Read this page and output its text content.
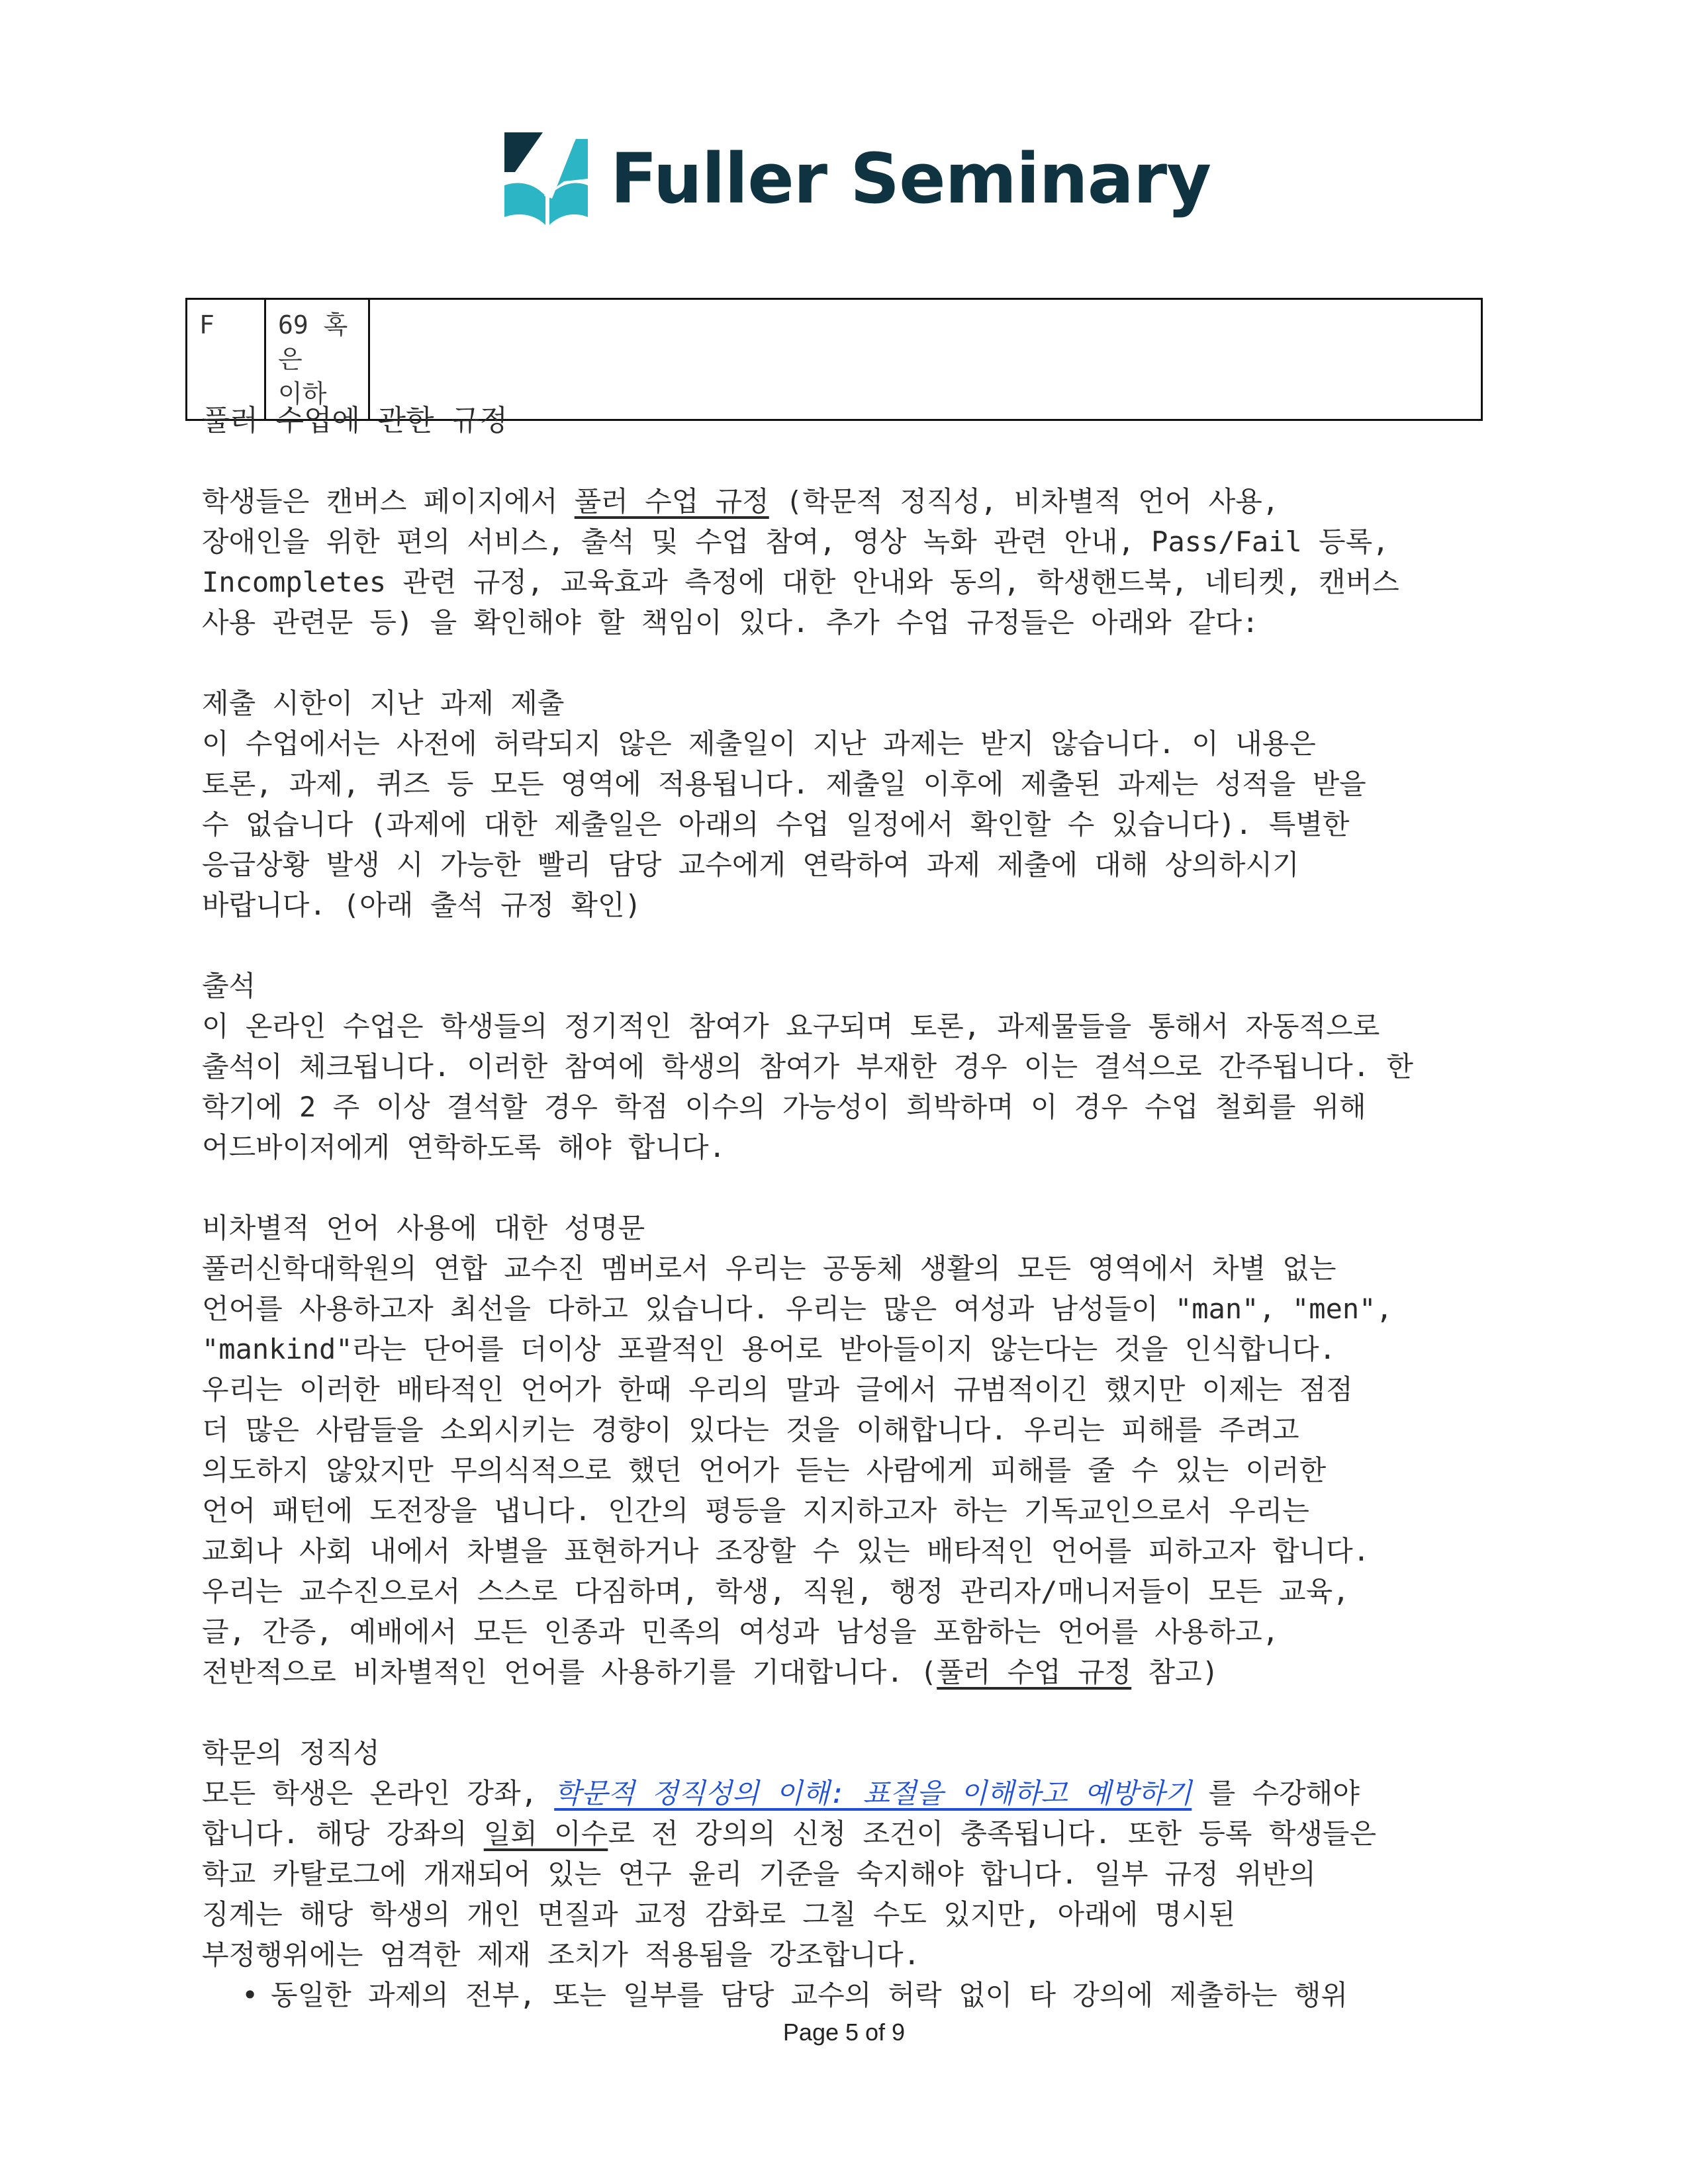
Fuller Seminary
F	69 혹은
이하

풀러 수업에 관한 규정

학생들은 캔버스 페이지에서 풀러 수업 규정 (학문적 정직성, 비차별적 언어 사용,

장애인을 위한 편의 서비스, 출석 및 수업 참여, 영상 녹화 관련 안내, Pass/Fail 등록,

Incompletes 관련 규정, 교육효과 측정에 대한 안내와 동의, 학생핸드북, 네티켓, 캔버스

사용 관련문 등) 을 확인해야 할 책임이 있다. 추가 수업 규정들은 아래와 같다:

제출 시한이 지난 과제 제출

이 수업에서는 사전에 허락되지 않은 제출일이 지난 과제는 받지 않습니다. 이 내용은

토론, 과제, 퀴즈 등 모든 영역에 적용됩니다. 제출일 이후에 제출된 과제는 성적을 받을

수 없습니다 (과제에 대한 제출일은 아래의 수업 일정에서 확인할 수 있습니다). 특별한

응급상황 발생 시 가능한 빨리 담당 교수에게 연락하여 과제 제출에 대해 상의하시기

바랍니다. (아래 출석 규정 확인)

출석

이 온라인 수업은 학생들의 정기적인 참여가 요구되며 토론, 과제물들을 통해서 자동적으로

출석이 체크됩니다. 이러한 참여에 학생의 참여가 부재한 경우 이는 결석으로 간주됩니다. 한

학기에 2 주 이상 결석할 경우 학점 이수의 가능성이 희박하며 이 경우 수업 철회를 위해

어드바이저에게 연학하도록 해야 합니다.

비차별적 언어 사용에 대한 성명문

풀러신학대학원의 연합 교수진 멤버로서 우리는 공동체 생활의 모든 영역에서 차별 없는

언어를 사용하고자 최선을 다하고 있습니다. 우리는 많은 여성과 남성들이 "man", "men",

"mankind"라는 단어를 더이상 포괄적인 용어로 받아들이지 않는다는 것을 인식합니다.

우리는 이러한 배타적인 언어가 한때 우리의 말과 글에서 규범적이긴 했지만 이제는 점점

더 많은 사람들을 소외시키는 경향이 있다는 것을 이해합니다. 우리는 피해를 주려고

의도하지 않았지만 무의식적으로 했던 언어가 듣는 사람에게 피해를 줄 수 있는 이러한

언어 패턴에 도전장을 냅니다. 인간의 평등을 지지하고자 하는 기독교인으로서 우리는

교회나 사회 내에서 차별을 표현하거나 조장할 수 있는 배타적인 언어를 피하고자 합니다.

우리는 교수진으로서 스스로 다짐하며, 학생, 직원, 행정 관리자/매니저들이 모든 교육,

글, 간증, 예배에서 모든 인종과 민족의 여성과 남성을 포함하는 언어를 사용하고,

전반적으로 비차별적인 언어를 사용하기를 기대합니다. (풀러 수업 규정 참고)

학문의 정직성

모든 학생은 온라인 강좌, 학문적 정직성의 이해: 표절을 이해하고 예방하기 를 수강해야

합니다. 해당 강좌의 일회 이수로 전 강의의 신청 조건이 충족됩니다. 또한 등록 학생들은

학교 카탈로그에 개재되어 있는 연구 윤리 기준을 숙지해야 합니다. 일부 규정 위반의

징계는 해당 학생의 개인 면질과 교정 감화로 그칠 수도 있지만, 아래에 명시된

부정행위에는 엄격한 제재 조치가 적용됨을 강조합니다.

• 동일한 과제의 전부, 또는 일부를 담당 교수의 허락 없이 타 강의에 제출하는 행위

Page 5 of 9
